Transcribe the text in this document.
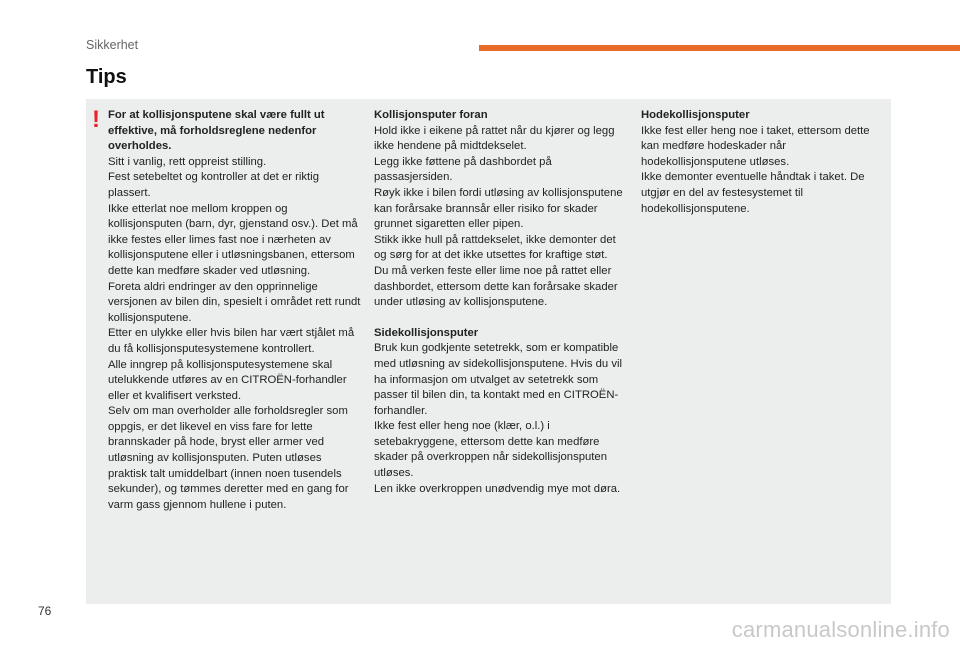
Sikkerhet
Tips
! For at kollisjonsputene skal være fullt ut effektive, må forholdsreglene nedenfor overholdes.

Sitt i vanlig, rett oppreist stilling.

Fest setebeltet og kontroller at det er riktig plassert.

Ikke etterlat noe mellom kroppen og kollisjonsputen (barn, dyr, gjenstand osv.). Det må ikke festes eller limes fast noe i nærheten av kollisjonsputene eller i utløsningsbanen, ettersom dette kan medføre skader ved utløsning.

Foreta aldri endringer av den opprinnelige versjonen av bilen din, spesielt i området rett rundt kollisjonsputene.

Etter en ulykke eller hvis bilen har vært stjålet må du få kollisjonsputesystemene kontrollert.

Alle inngrep på kollisjonsputesystemene skal utelukkende utføres av en CITROËN-forhandler eller et kvalifisert verksted.

Selv om man overholder alle forholdsregler som oppgis, er det likevel en viss fare for lette brannskader på hode, bryst eller armer ved utløsning av kollisjonsputen. Puten utløses praktisk talt umiddelbart (innen noen tusendels sekunder), og tømmes deretter med en gang for varm gass gjennom hullene i puten.

Kollisjonsputer foran

Hold ikke i eikene på rattet når du kjører og legg ikke hendene på midtdekselet.

Legg ikke føttene på dashbordet på passasjersiden.

Røyk ikke i bilen fordi utløsing av kollisjonsputene kan forårsake brannsår eller risiko for skader grunnet sigaretten eller pipen.

Stikk ikke hull på rattdekselet, ikke demonter det og sørg for at det ikke utsettes for kraftige støt.

Du må verken feste eller lime noe på rattet eller dashbordet, ettersom dette kan forårsake skader under utløsing av kollisjonsputene.

Sidekollisjonsputer

Bruk kun godkjente setetrekk, som er kompatible med utløsning av sidekollisjonsputene. Hvis du vil ha informasjon om utvalget av setetrekk som passer til bilen din, ta kontakt med en CITROËN-forhandler.

Ikke fest eller heng noe (klær, o.l.) i setebakryggene, ettersom dette kan medføre skader på overkroppen når sidekollisjonsputen utløses.

Len ikke overkroppen unødvendig mye mot døra.

Hodekollisjonsputer

Ikke fest eller heng noe i taket, ettersom dette kan medføre hodeskader når hodekollisjonsputene utløses.

Ikke demonter eventuelle håndtak i taket. De utgjør en del av festesystemet til hodekollisjonsputene.

76
carmanualsonline.info
